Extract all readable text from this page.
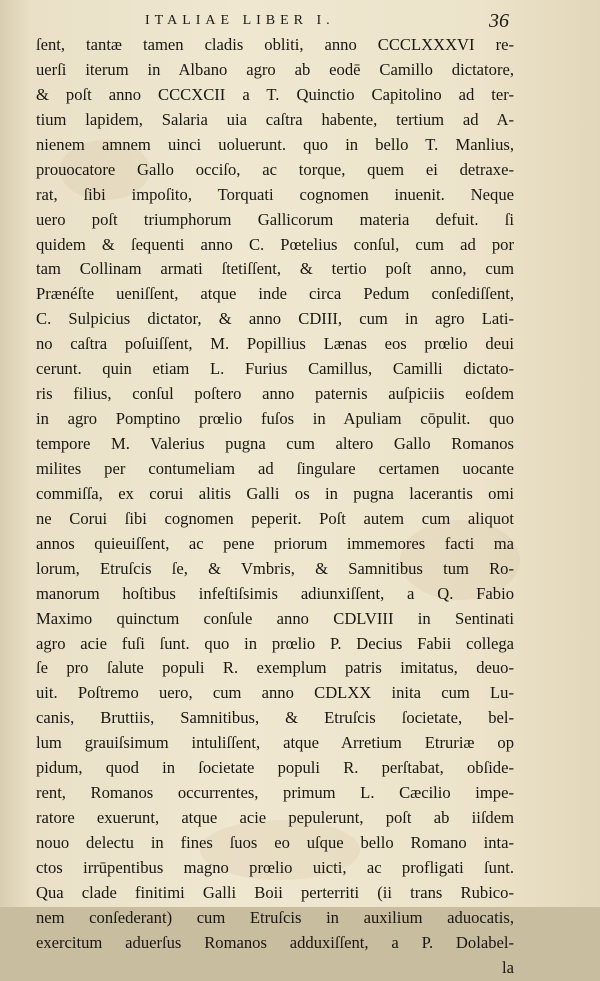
ITALIAE LIBER I.	36
ſent, tantæ tamen cladis obliti, anno CCCLXXXVI re-
uerſi iterum in Albano agro ab eodē Camillo dictatore,
& poſt anno CCCXCII a T. Quinctio Capitolino ad ter-
tium lapidem, Salaria uia caſtra habente, tertium ad A-
nienem amnem uinci uoluerunt. quo in bello T. Manlius,
prouocatore Gallo occiſo, ac torque, quem ei detraxe-
rat, ſibi impoſito, Torquati cognomen inuenit. Neque
uero poſt triumphorum Gallicorum materia defuit. ſi
quidem & ſequenti anno C. Pœtelius conſul, cum ad por
tam Collinam armati ſtetiſſent, & tertio poſt anno, cum
Prænéſte ueniſſent, atque inde circa Pedum conſediſſent,
C. Sulpicius dictator, & anno CDIII, cum in agro Lati-
no caſtra poſuiſſent, M. Popillius Lænas eos prœlio deui
cerunt. quin etiam L. Furius Camillus, Camilli dictato-
ris filius, conſul poſtero anno paternis auſpiciis eoſdem
in agro Pomptino prœlio fuſos in Apuliam cōpulit. quo
tempore M. Valerius pugna cum altero Gallo Romanos
milites per contumeliam ad ſingulare certamen uocante
commiſſa, ex corui alitis Galli os in pugna lacerantis omi
ne Corui ſibi cognomen peperit. Poſt autem cum aliquot
annos quieuiſſent, ac pene priorum immemores facti ma
lorum, Etruſcis ſe, & Vmbris, & Samnitibus tum Ro-
manorum hoſtibus infeſtiſsimis adiunxiſſent, a Q. Fabio
Maximo quinctum conſule anno CDLVIII in Sentinati
agro acie fuſi ſunt. quo in prœlio P. Decius Fabii collega
ſe pro ſalute populi R. exemplum patris imitatus, deuo-
uit. Poſtremo uero, cum anno CDLXX inita cum Lu-
canis, Bruttiis, Samnitibus, & Etruſcis ſocietate, bel-
lum grauiſsimum intuliſſent, atque Arretium Etruriæ op
pidum, quod in ſocietate populi R. perſtabat, obſide-
rent, Romanos occurrentes, primum L. Cæcilio impe-
ratore exuerunt, atque acie pepulerunt, poſt ab iiſdem
nouo delectu in fines ſuos eo uſque bello Romano inta-
ctos irrūpentibus magno prœlio uicti, ac profligati ſunt.
Qua clade finitimi Galli Boii perterriti (ii trans Rubico-
nem conſederant) cum Etruſcis in auxilium aduocatis,
exercitum aduerſus Romanos adduxiſſent, a P. Dolabel-
la
